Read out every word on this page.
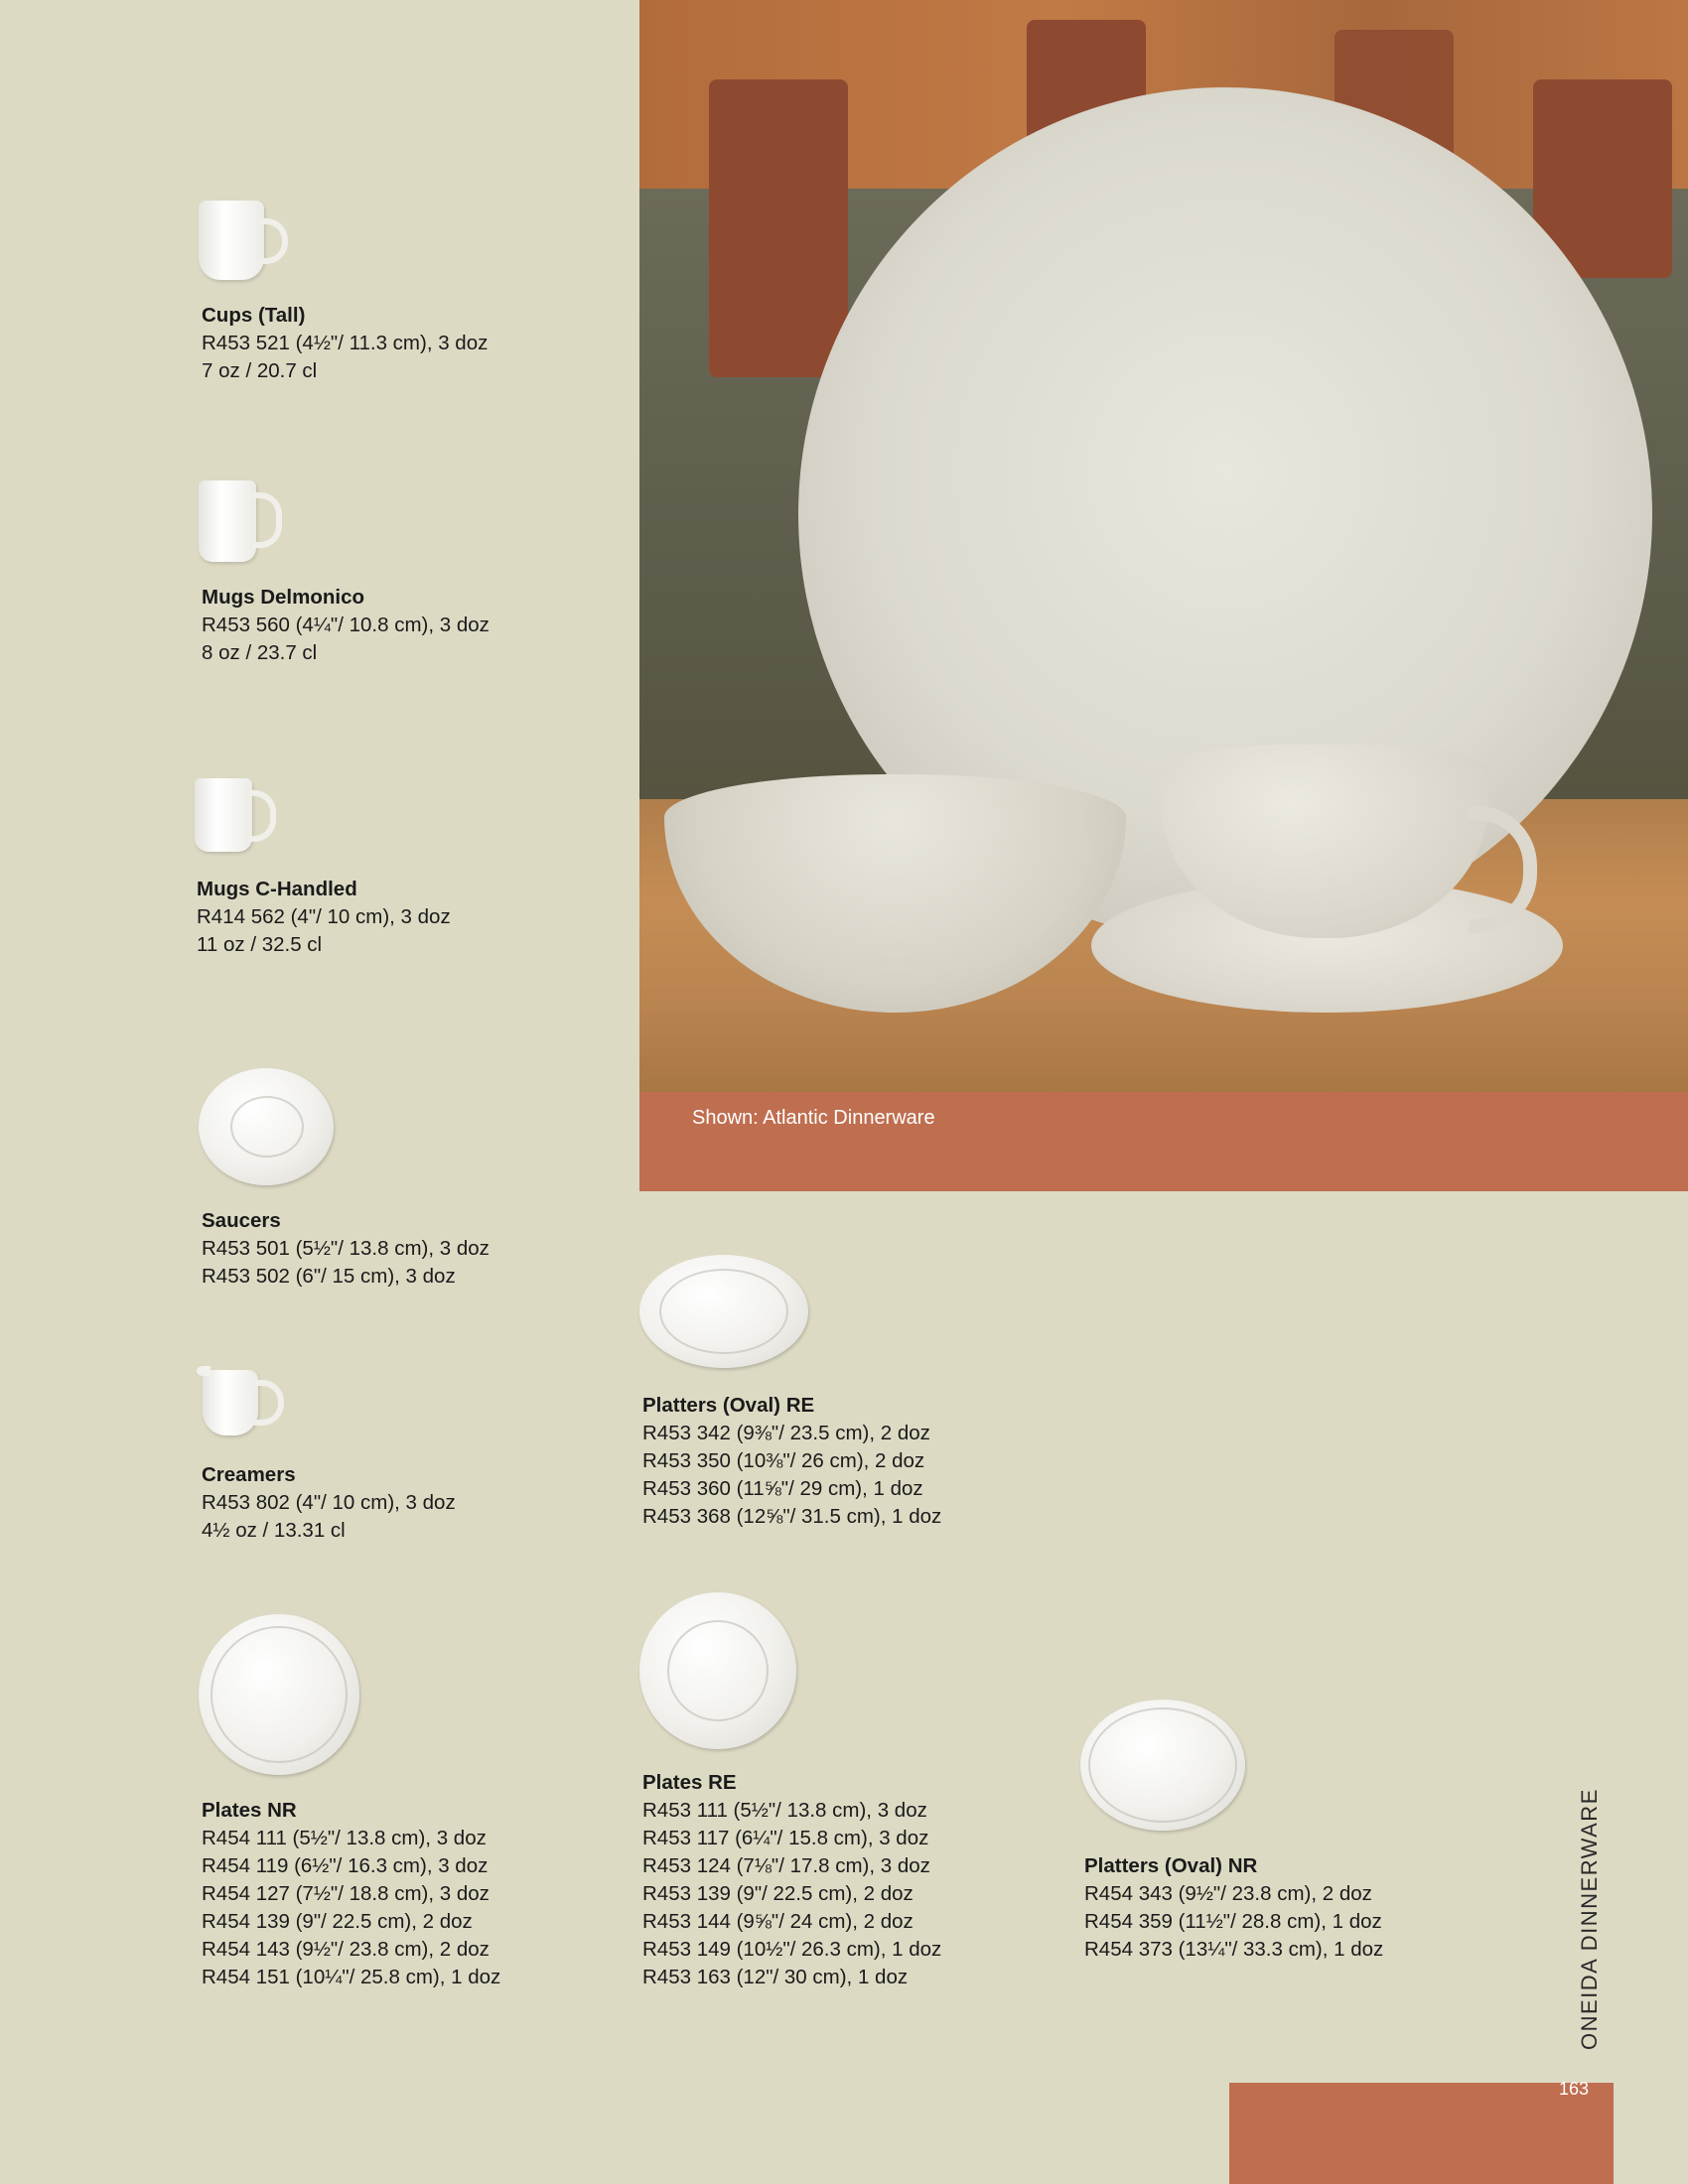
Shown: Atlantic Dinnerware
Cups (Tall)
R453 521 (4½"/ 11.3 cm), 3 doz
7 oz / 20.7 cl
Mugs Delmonico
R453 560 (4¼"/ 10.8 cm), 3 doz
8 oz / 23.7 cl
Mugs C-Handled
R414 562 (4"/ 10 cm), 3 doz
11 oz / 32.5 cl
Saucers
R453 501 (5½"/ 13.8 cm), 3 doz
R453 502 (6"/ 15 cm), 3 doz
Creamers
R453 802 (4"/ 10 cm), 3 doz
4½ oz / 13.31 cl
Platters (Oval) RE
R453 342 (9⅜"/ 23.5 cm), 2 doz
R453 350 (10⅜"/ 26 cm), 2 doz
R453 360 (11⅝"/ 29 cm), 1 doz
R453 368 (12⅝"/ 31.5 cm), 1 doz
Plates NR
R454 111 (5½"/ 13.8 cm), 3 doz
R454 119 (6½"/ 16.3 cm), 3 doz
R454 127 (7½"/ 18.8 cm), 3 doz
R454 139 (9"/ 22.5 cm), 2 doz
R454 143 (9½"/ 23.8 cm), 2 doz
R454 151 (10¼"/ 25.8 cm), 1 doz
Plates RE
R453 111 (5½"/ 13.8 cm), 3 doz
R453 117 (6¼"/ 15.8 cm), 3 doz
R453 124 (7⅛"/ 17.8 cm), 3 doz
R453 139 (9"/ 22.5 cm), 2 doz
R453 144 (9⅝"/ 24 cm), 2 doz
R453 149 (10½"/ 26.3 cm), 1 doz
R453 163 (12"/ 30 cm), 1 doz
Platters (Oval) NR
R454 343 (9½"/ 23.8 cm), 2 doz
R454 359 (11½"/ 28.8 cm), 1 doz
R454 373 (13¼"/ 33.3 cm), 1 doz	ONEIDA DINNERWARE
163
